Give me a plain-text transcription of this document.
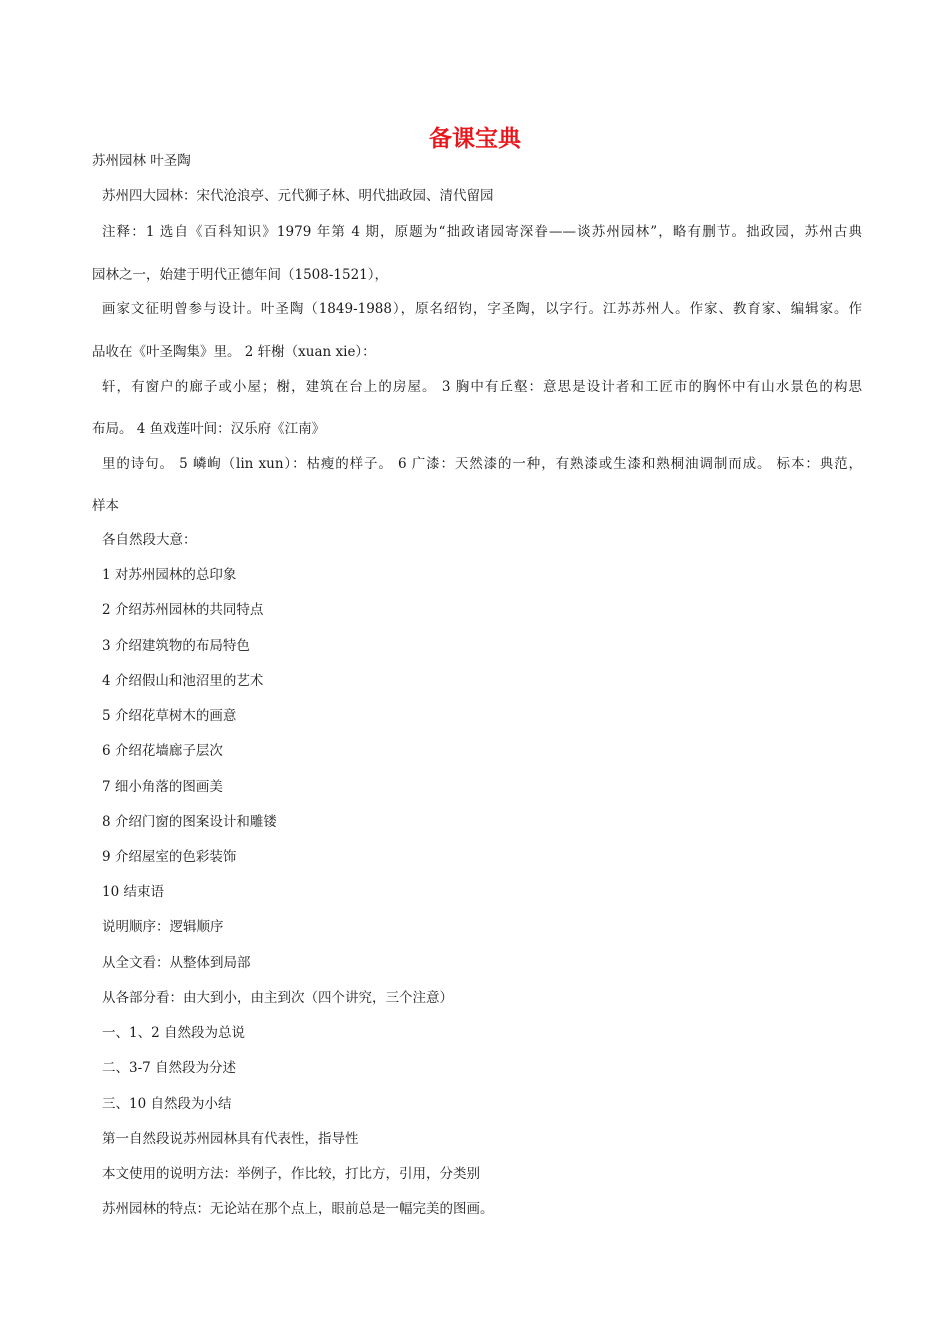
备课宝典
苏州园林 叶圣陶
苏州四大园林：宋代沧浪亭、元代狮子林、明代拙政园、清代留园
注释：1 选自《百科知识》1979 年第 4 期，原题为“拙政诸园寄深眷——谈苏州园林”，略有删节。拙政园，苏州古典
园林之一，始建于明代正德年间（1508-1521），
画家文征明曾参与设计。叶圣陶（1849-1988），原名绍钧，字圣陶，以字行。江苏苏州人。作家、教育家、编辑家。作
品收在《叶圣陶集》里。 2 轩榭（xuan xie）：
轩，有窗户的廊子或小屋；榭，建筑在台上的房屋。 3 胸中有丘壑：意思是设计者和工匠市的胸怀中有山水景色的构思
布局。 4 鱼戏莲叶间：汉乐府《江南》
里的诗句。 5 嶙峋（lin xun）：枯瘦的样子。 6 广漆：天然漆的一种，有熟漆或生漆和熟桐油调制而成。 标本：典范，
样本
各自然段大意：
1 对苏州园林的总印象
2 介绍苏州园林的共同特点
3 介绍建筑物的布局特色
4 介绍假山和池沼里的艺术
5 介绍花草树木的画意
6 介绍花墙廊子层次
7 细小角落的图画美
8 介绍门窗的图案设计和雕镂
9 介绍屋室的色彩装饰
10 结束语
说明顺序：逻辑顺序
从全文看：从整体到局部
从各部分看：由大到小，由主到次（四个讲究，三个注意）
一、1、2 自然段为总说
二、3-7 自然段为分述
三、10 自然段为小结
第一自然段说苏州园林具有代表性，指导性
本文使用的说明方法：举例子，作比较，打比方，引用，分类别
苏州园林的特点：无论站在那个点上，眼前总是一幅完美的图画。
